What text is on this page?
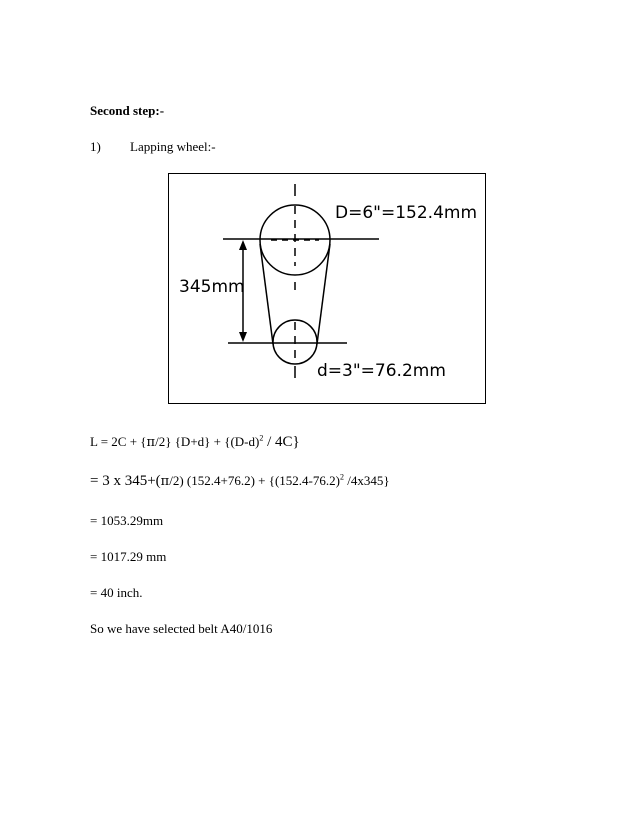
Second step:-
1) Lapping wheel:-
D=6"=152.4mm
345mm
d=3"=76.2mm
L = 2C + {π/2} $\{D+d\} + \{(D-d)^2 / 4C\}$
= 3 x 345+(π/2) $(152.4+76.2) + \{(152.4-76.2)^2$ /4x345}
= 1053.29mm
= 1017.29 mm
= 40 inch.
So we have selected belt A40/1016
